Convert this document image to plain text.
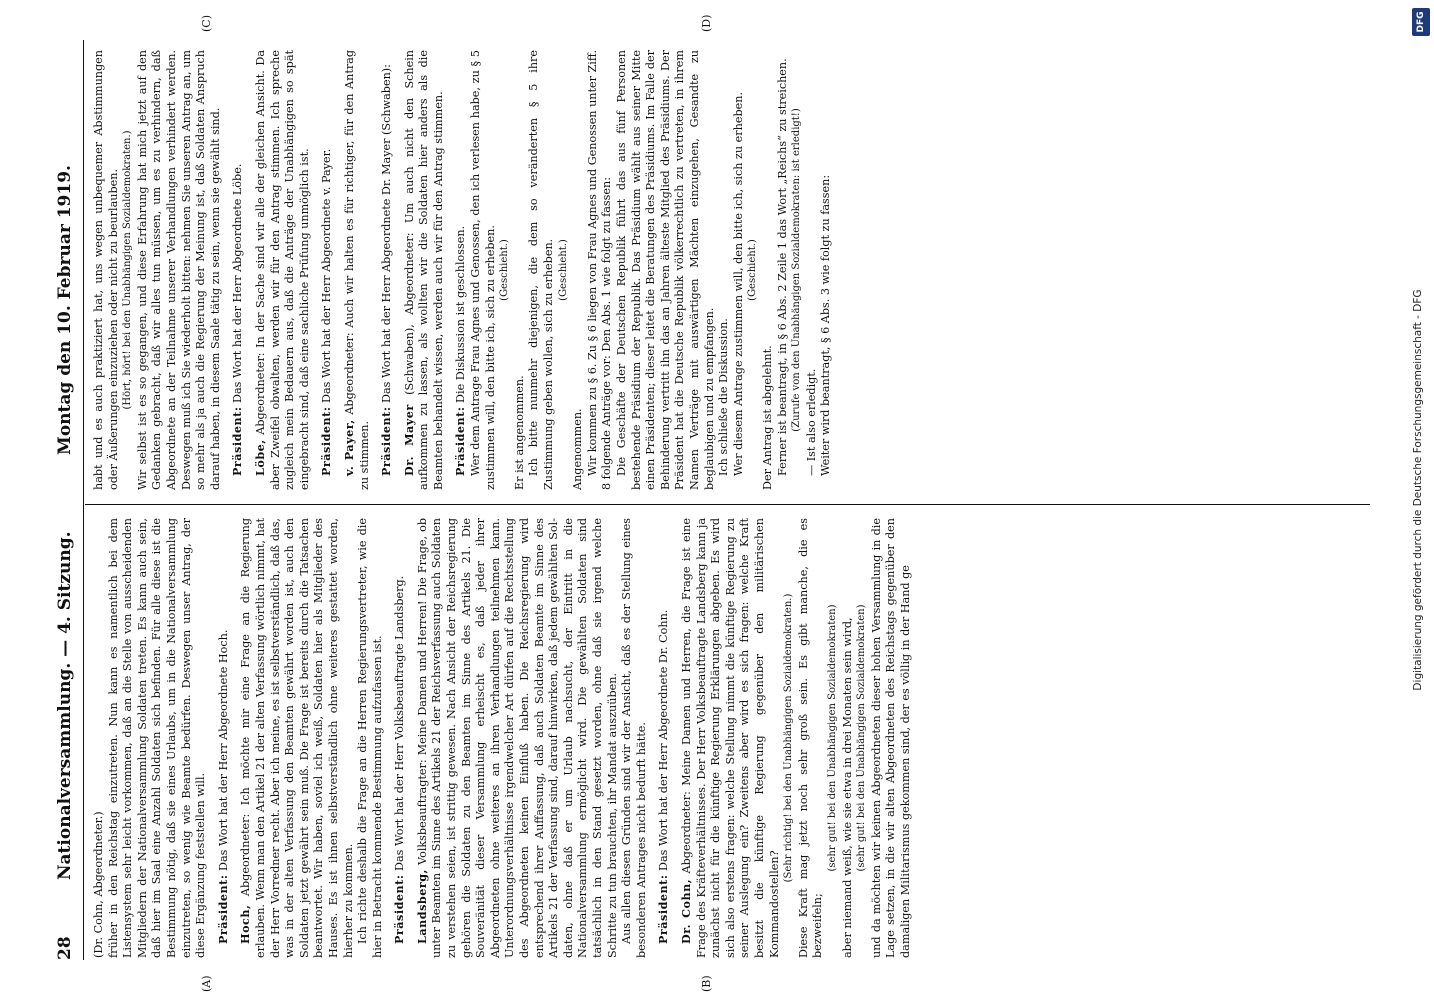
28
Nationalversammlung. — 4. Sitzung.
Montag den 10. Februar 1919.
(A)	(B)
(C)	(D)

(Dr. Cohn, Abgeordneter.) früher in den Reichstag einzutreten. Nun kann es namentlich bei dem Listensystem sehr leicht vorkommen, daß an die Stelle von ausscheidenden Mitgliedern der Nationalversammlung Soldaten treten. Es kann auch sein, daß hier im Saal eine Anzahl Soldaten sich befinden. Für alle diese ist die Bestimmung nötig, daß sie eines Urlaubs, um in die Nationalversammlung einzutreten, so wenig wie Beamte bedürfen. Deswegen unser Antrag, der diese Ergänzung feststellen will. Präsident: Das Wort hat der Herr Abgeordnete Hoch.

Hoch, Abgeordneter: Ich möchte mir eine Frage an die Regierung erlauben. Wenn man den Artikel 21 der alten Verfassung wörtlich nimmt, hat der Herr Vorredner recht. Aber ich meine, es ist selbstverständlich, daß das, was in der alten Verfassung den Beamten gewährt worden ist, auch den Soldaten jetzt gewährt sein muß. Die Frage ist bereits durch die Tatsachen beantwortet. Wir haben, soviel ich weiß, Soldaten hier als Mitglieder des Hauses. Es ist ihnen selbstverständlich ohne weiteres gestattet worden, hierher zu kommen. Ich richte deshalb die Frage an die Herren Regierungsvertreter, wie die hier in Betracht kommende Bestimmung aufzufassen ist. Präsident: Das Wort hat der Herr Volksbeauftragte Landsberg.

Landsberg, Volksbeauftragter: Meine Damen und Herren! Die Frage, ob unter Beamten im Sinne des Artikels 21 der Reichsverfassung auch Soldaten zu verstehen seien, ist strittig gewesen. Nach Ansicht der Reichsregierung gehören die Soldaten zu den Beamten im Sinne des Artikels 21. Die Souveränität dieser Versammlung erheischt es, daß jeder ihrer Abgeordneten ohne weiteres an ihren Verhandlungen teilnehmen kann. Unterordnungsverhältnisse irgendwelcher Art dürfen auf die Rechtsstellung des Abgeordneten keinen Einfluß haben. Die Reichsregierung wird entsprechend ihrer Auffassung, daß auch Soldaten Beamte im Sinne des Artikels 21 der Verfassung sind, darauf hinwirken, daß jedem gewählten Soldaten, ohne daß er um Urlaub nachsucht, der Eintritt in die Nationalversammlung ermöglicht wird. Die gewählten Soldaten sind tatsächlich in den Stand gesetzt worden, ohne daß sie irgend welche Schritte zu tun brauchten, ihr Mandat auszuüben. Aus allen diesen Gründen sind wir der Ansicht, daß es der Stellung eines besonderen Antrages nicht bedurft hätte. Präsident: Das Wort hat der Herr Abgeordnete Dr. Cohn.

Dr. Cohn, Abgeordneter: Meine Damen und Herren, die Frage ist eine Frage des Kräfteverhältnisses. Der Herr Volksbeauftragte Landsberg kann ja zunächst nicht für die künftige Regierung Erklärungen abgeben. Es wird sich also erstens fragen: welche Stellung nimmt die künftige Regierung zu seiner Auslegung ein? Zweitens aber wird es sich fragen: welche Kraft besitzt die künftige Regierung gegenüber den militärischen Kommandostellen?

(Sehr richtig! bei den Unabhängigen Sozialdemokraten.) Diese Kraft mag jetzt noch sehr groß sein. Es gibt manche, die es bezweifeln;

(sehr gut! bei den Unabhängigen Sozialdemokraten) aber niemand weiß, wie sie etwa in drei Monaten sein wird, (sehr gut! bei den Unabhängigen Sozialdemokraten) und da möchten wir keinen Abgeordneten dieser hohen Versammlung in die Lage setzen, in die wir alten Abgeordneten des Reichstags gegenüber den damaligen Militarismus gekommen sind, der es völlig in der Hand ge

habt und es auch praktiziert hat, uns wegen unbequemer Abstimmungen oder Äußerungen einzuziehen oder nicht zu beurlauben. (Hört, hört! bei den Unabhängigen Sozialdemokraten.) Wir selbst ist es so gegangen, und diese Erfahrung hat mich jetzt auf den Gedanken gebracht, daß wir alles tun müssen, um es zu verhindern, daß Abgeordnete an der Teilnahme unserer Verhandlungen verhindert werden. Deswegen muß ich Sie wiederholt bitten: nehmen Sie unseren Antrag an, um so mehr als ja auch die Regierung der Meinung ist, daß Soldaten Anspruch darauf haben, in diesem Saale tätig zu sein, wenn sie gewählt sind. Präsident: Das Wort hat der Herr Abgeordnete Löbe.

Löbe, Abgeordneter: In der Sache sind wir alle der gleichen Ansicht. Da aber Zweifel obwalten, werden wir für den Antrag stimmen. Ich spreche zugleich mein Bedauern aus, daß die Anträge der Unabhängigen so spät eingebracht sind, daß eine sachliche Prüfung unmöglich ist. Präsident: Das Wort hat der Herr Abgeordnete v. Payer.

v. Payer, Abgeordneter: Auch wir halten es für richtiger, für den Antrag zu stimmen. Präsident: Das Wort hat der Herr Abgeordnete Dr. Mayer (Schwaben):

Dr. Mayer (Schwaben), Abgeordneter: Um auch nicht den Schein aufkommen zu lassen, als wollten wir die Soldaten hier anders als die Beamten behandelt wissen, werden auch wir für den Antrag stimmen. Präsident: Die Diskussion ist geschlossen. Wer dem Antrage Frau Agnes und Genossen, den ich verlesen habe, zu § 5 zustimmen will, den bitte ich, sich zu erheben. (Geschieht.)

Er ist angenommen. Ich bitte nunmehr diejenigen, die dem so veränderten § 5 ihre Zustimmung geben wollen, sich zu erheben. (Geschieht.)

Angenommen. Wir kommen zu § 6. Zu § 6 liegen von Frau Agnes und Genossen unter Ziff. 8 folgende Anträge vor: Den Abs. 1 wie folgt zu fassen: Die Geschäfte der Deutschen Republik führt das aus fünf Personen bestehende Präsidium der Republik. Das Präsidium wählt aus seiner Mitte einen Präsidenten; dieser leitet die Beratungen des Präsidiums. Im Falle der Behinderung vertritt ihn das an Jahren älteste Mitglied des Präsidiums. Der Präsident hat die Deutsche Republik völkerrechtlich zu vertreten, in ihrem Namen Verträge mit auswärtigen Mächten einzugehen, Gesandte zu beglaubigen und zu empfangen. Ich schließe die Diskussion. Wer diesem Antrage zustimmen will, den bitte ich, sich zu erheben. (Geschieht.)

Der Antrag ist abgelehnt. Ferner ist beantragt, in § 6 Abs. 2 Zeile 1 das Wort „Reichs“ zu streichen. (Zurufe von den Unabhängigen Sozialdemokraten: ist erledigt!) — Ist also erledigt. Weiter wird beantragt, § 6 Abs. 3 wie folgt zu fassen:

DFG
Digitalisierung gefördert durch die Deutsche Forschungsgemeinschaft - DFG
